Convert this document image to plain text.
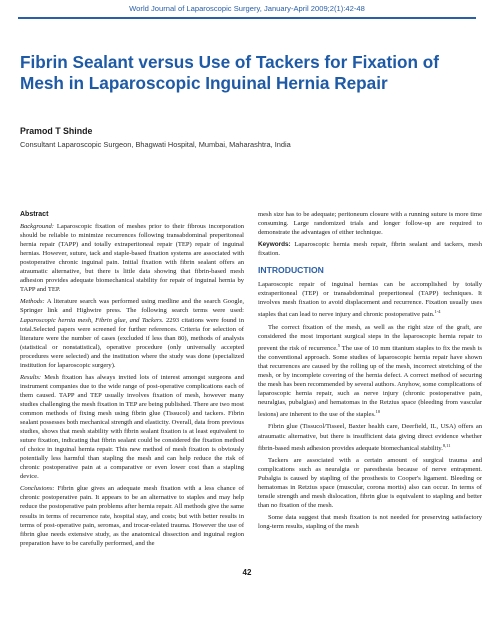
World Journal of Laparoscopic Surgery, January-April 2009;2(1):42-48
Fibrin Sealant versus Use of Tackers for Fixation of Mesh in Laparoscopic Inguinal Hernia Repair
Pramod T Shinde
Consultant Laparoscopic Surgeon, Bhagwati Hospital, Mumbai, Maharashtra, India

Abstract

Background: Laparoscopic fixation of meshes prior to their fibrous incorporation should be reliable to minimize recurrences following transabdominal preperitoneal hernia repair (TAPP) and totally extraperitoneal repair (TEP) repair of inguinal hernias. However, suture, tack and staple-based fixation systems are associated with postoperative chronic inguinal pain. Initial fixation with fibrin sealant offers an atraumatic alternative, but there is little data showing that fibrin-based mesh adhesion provides adequate biomechanical stability for repair of inguinal hernia by TAPP and TEP.

Methods: A literature search was performed using medline and the search Google, Springer link and Highwire press. The following search terms were used: Laparoscopic hernia mesh, Fibrin glue, and Tackers. 2293 citations were found in total.Selected papers were screened for further references. Criteria for selection of literature were the number of cases (excluded if less than 80), methods of analysis (statistical or nonstatistical), operative procedure (only universally accepted procedures were selected) and the institution where the study was done (specialized institution for laparoscopic surgery).

Results: Mesh fixation has always invited lots of interest amongst surgeons and instrument companies due to the wide range of post-operative complications each of them caused. TAPP and TEP usually involves fixation of mesh, however many studies challenging the mesh fixation in TEP are being published. There are two most common methods of fixing mesh using fibrin glue (Tissucol) and tackers. Fibrin sealant possesses both mechanical strength and elasticity. Overall, data from previous studies, shows that mesh stability with fibrin sealant fixation is at least equivalent to suture fixation, indicating that fibrin sealant could be considered the fixation method of choice in inguinal hernia repair. This new method of mesh fixation is obviously potentially less harmful than stapling the mesh and can help reduce the risk of chronic postoperative pain at a comparative or even lower cost than a stapling device.

Conclusions: Fibrin glue gives an adequate mesh fixation with a less chance of chronic postoperative pain. It appears to be an alternative to staples and may help reduce the postoperative pain problems after hernia repair. All methods give the same results in terms of recurrence rate, hospital stay, and costs; but with better results in terms of post-operative pain, seromas, and trocar-related trauma. However the use of fibrin glue needs extensive study, as the anatomical dissection and inguinal region preparation have to be carefully performed, and the

mesh size has to be adequate; peritoneum closure with a running suture is more time consuming. Large randomized trials and longer follow-up are required to demonstrate the advantages of either technique.

Keywords: Laparoscopic hernia mesh repair, fibrin sealant and tackers, mesh fixation.

INTRODUCTION

Laparoscopic repair of inguinal hernias can be accomplished by totally extraperitoneal (TEP) or transabdominal preperitoneal (TAPP) techniques. It involves mesh fixation to avoid displacement and recurrence. Fixation usually uses staples that can lead to nerve injury and chronic postoperative pain.$^{1-4}$

The correct fixation of the mesh, as well as the right size of the graft, are considered the most important surgical steps in the laparoscopic hernia repair to prevent the risk of recurrence.$^5$ The use of 10 mm titanium staples to fix the mesh is the conventional approach. Some studies of laparoscopic hernia repair have shown that recurrences are caused by the rolling up of the mesh, incorrect stretching of the mesh, or by incomplete covering of the hernia defect. A correct method of securing the mesh has been recommended by several authors. Anyhow, some complications of laparoscopic hernia repair, such as nerve injury (chronic postoperative pain, neuralgias, pubalgias) and hematomas in the Retzius space (bleeding from vascular lesions) are inherent to the use of the staples.$^{10}$

Fibrin glue (Tissucol/Tisseel, Baxter health care, Deerfield, IL, USA) offers an atraumatic alternative, but there is insufficient data giving direct evidence whether fibrin-based mesh adhesion provides adequate biomechanical stability.$^{8,11}$

Tackers are associated with a certain amount of surgical trauma and complications such as neuralgia or paresthesia because of nerve entrapment. Pubalgia is caused by stapling of the prosthesis to Cooper's ligament. Bleeding or hematomas in Retzius space (muscular, corona mortis) also can occur. In terms of tensile strength and mesh dislocation, fibrin glue is equivalent to stapling and better than no fixation of the mesh.

Some data suggest that mesh fixation is not needed for preserving satisfactory long-term results, stapling of the mesh

42
